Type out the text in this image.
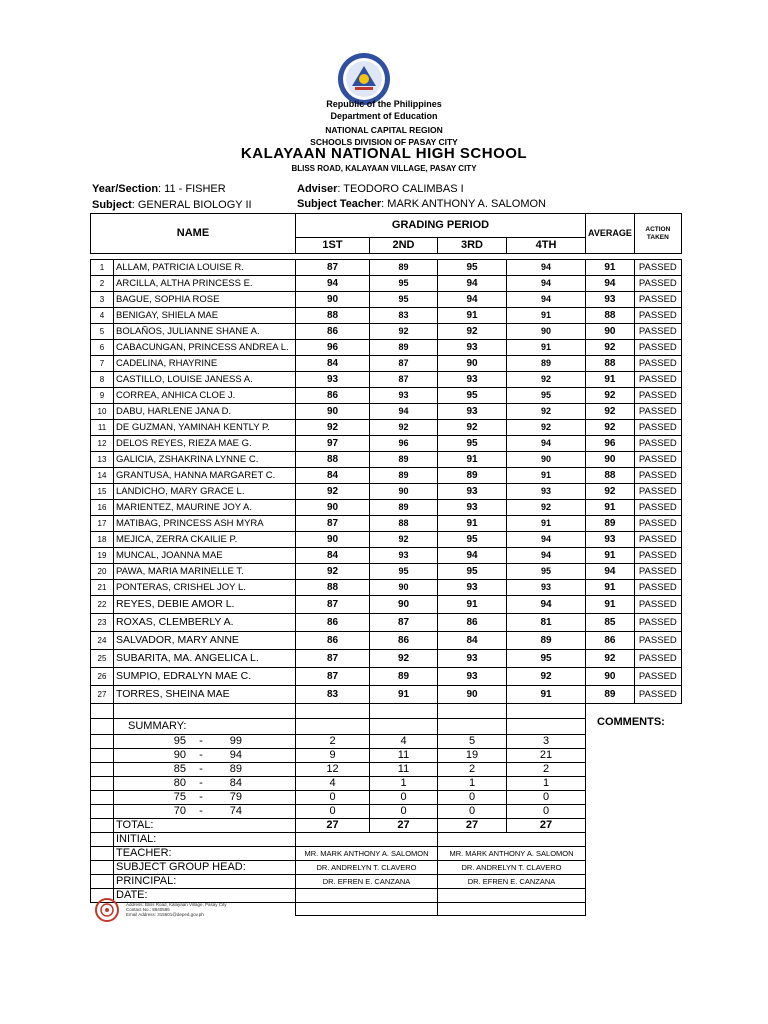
Republic of the Philippines
Department of Education
NATIONAL CAPITAL REGION
SCHOOLS DIVISION OF PASAY CITY
KALAYAAN NATIONAL HIGH SCHOOL
BLISS ROAD, KALAYAAN VILLAGE, PASAY CITY
Year/Section: 11 - FISHER	Adviser: TEODORO CALIMBAS I
Subject: GENERAL BIOLOGY II	Subject Teacher: MARK ANTHONY A. SALOMON
NAME		GRADING PERIOD				AVERAGE	ACTION
TAKEN
		1ST	2ND	3RD	4TH		

1	ALLAM, PATRICIA LOUISE R.	87	89	95	94	91	PASSED
2	ARCILLA, ALTHA PRINCESS E.	94	95	94	94	94	PASSED
3	BAGUE, SOPHIA ROSE	90	95	94	94	93	PASSED
4	BENIGAY, SHIELA MAE	88	83	91	91	88	PASSED
5	BOLAÑOS, JULIANNE SHANE A.	86	92	92	90	90	PASSED
6	CABACUNGAN, PRINCESS ANDREA L.	96	89	93	91	92	PASSED
7	CADELINA, RHAYRINE	84	87	90	89	88	PASSED
8	CASTILLO, LOUISE JANESS A.	93	87	93	92	91	PASSED
9	CORREA, ANHICA CLOE J.	86	93	95	95	92	PASSED
10	DABU, HARLENE JANA D.	90	94	93	92	92	PASSED
11	DE GUZMAN, YAMINAH KENTLY P.	92	92	92	92	92	PASSED
12	DELOS REYES, RIEZA MAE G.	97	96	95	94	96	PASSED
13	GALICIA, ZSHAKRINA LYNNE C.	88	89	91	90	90	PASSED
14	GRANTUSA, HANNA MARGARET C.	84	89	89	91	88	PASSED
15	LANDICHO, MARY GRACE L.	92	90	93	93	92	PASSED
16	MARIENTEZ, MAURINE JOY A.	90	89	93	92	91	PASSED
17	MATIBAG, PRINCESS ASH MYRA	87	88	91	91	89	PASSED
18	MEJICA, ZERRA CKAILIE P.	90	92	95	94	93	PASSED
19	MUNCAL, JOANNA MAE	84	93	94	94	91	PASSED
20	PAWA, MARIA MARINELLE T.	92	95	95	95	94	PASSED
21	PONTERAS, CRISHEL JOY L.	88	90	93	93	91	PASSED
22	REYES, DEBIE AMOR L.	87	90	91	94	91	PASSED
23	ROXAS, CLEMBERLY A.	86	87	86	81	85	PASSED
24	SALVADOR, MARY ANNE	86	86	84	89	86	PASSED
25	SUBARITA, MA. ANGELICA L.	87	92	93	95	92	PASSED
26	SUMPIO, EDRALYN MAE C.	87	89	93	92	90	PASSED
27	TORRES, SHEINA MAE	83	91	90	91	89	PASSED

	SUMMARY:						
	95 - 99	2	4	5	3		
	90 - 94	9	11	19	21		
	85 - 89	12	11	2	2		
	80 - 84	4	1	1	1		
	75 - 79	0	0	0	0		
	70 - 74	0	0	0	0		
	TOTAL:	27	27	27	27		
	INITIAL:						
	TEACHER:	MR. MARK ANTHONY A. SALOMON		MR. MARK ANTHONY A. SALOMON			
	SUBJECT GROUP HEAD:	DR. ANDRELYN T. CLAVERO		DR. ANDRELYN T. CLAVERO			
	PRINCIPAL:	DR. EFREN E. CANZANA		DR. EFREN E. CANZANA			
	DATE:						

COMMENTS:
Address: Bliss Road, Kalayaan Village, Pasay City
Contact No.: 8840586
Email Address: 315601@deped.gov.ph
